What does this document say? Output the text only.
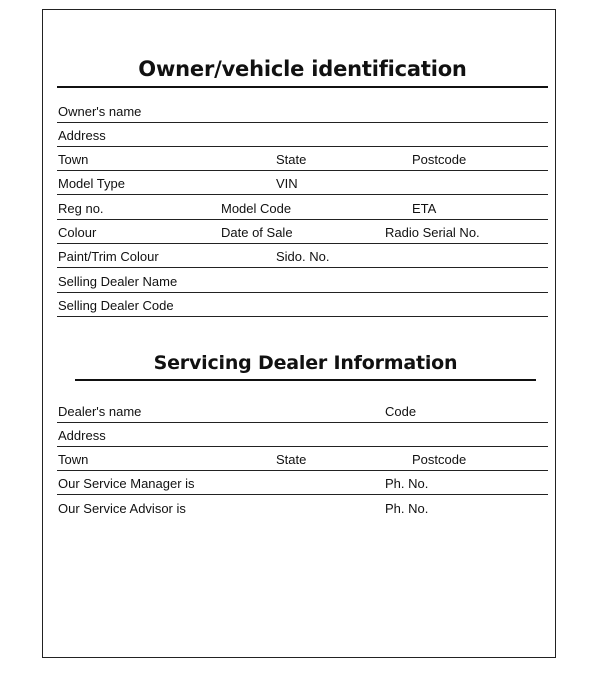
Owner/vehicle identification
Owner's name
Address
Town	State	Postcode
Model Type	VIN
Reg no.	Model Code	ETA
Colour	Date of Sale	Radio Serial No.
Paint/Trim Colour	Sido. No.
Selling Dealer Name
Selling Dealer Code
Servicing Dealer Information
Dealer's name	Code
Address
Town	State	Postcode
Our Service Manager is	Ph. No.
Our Service Advisor is	Ph. No.
